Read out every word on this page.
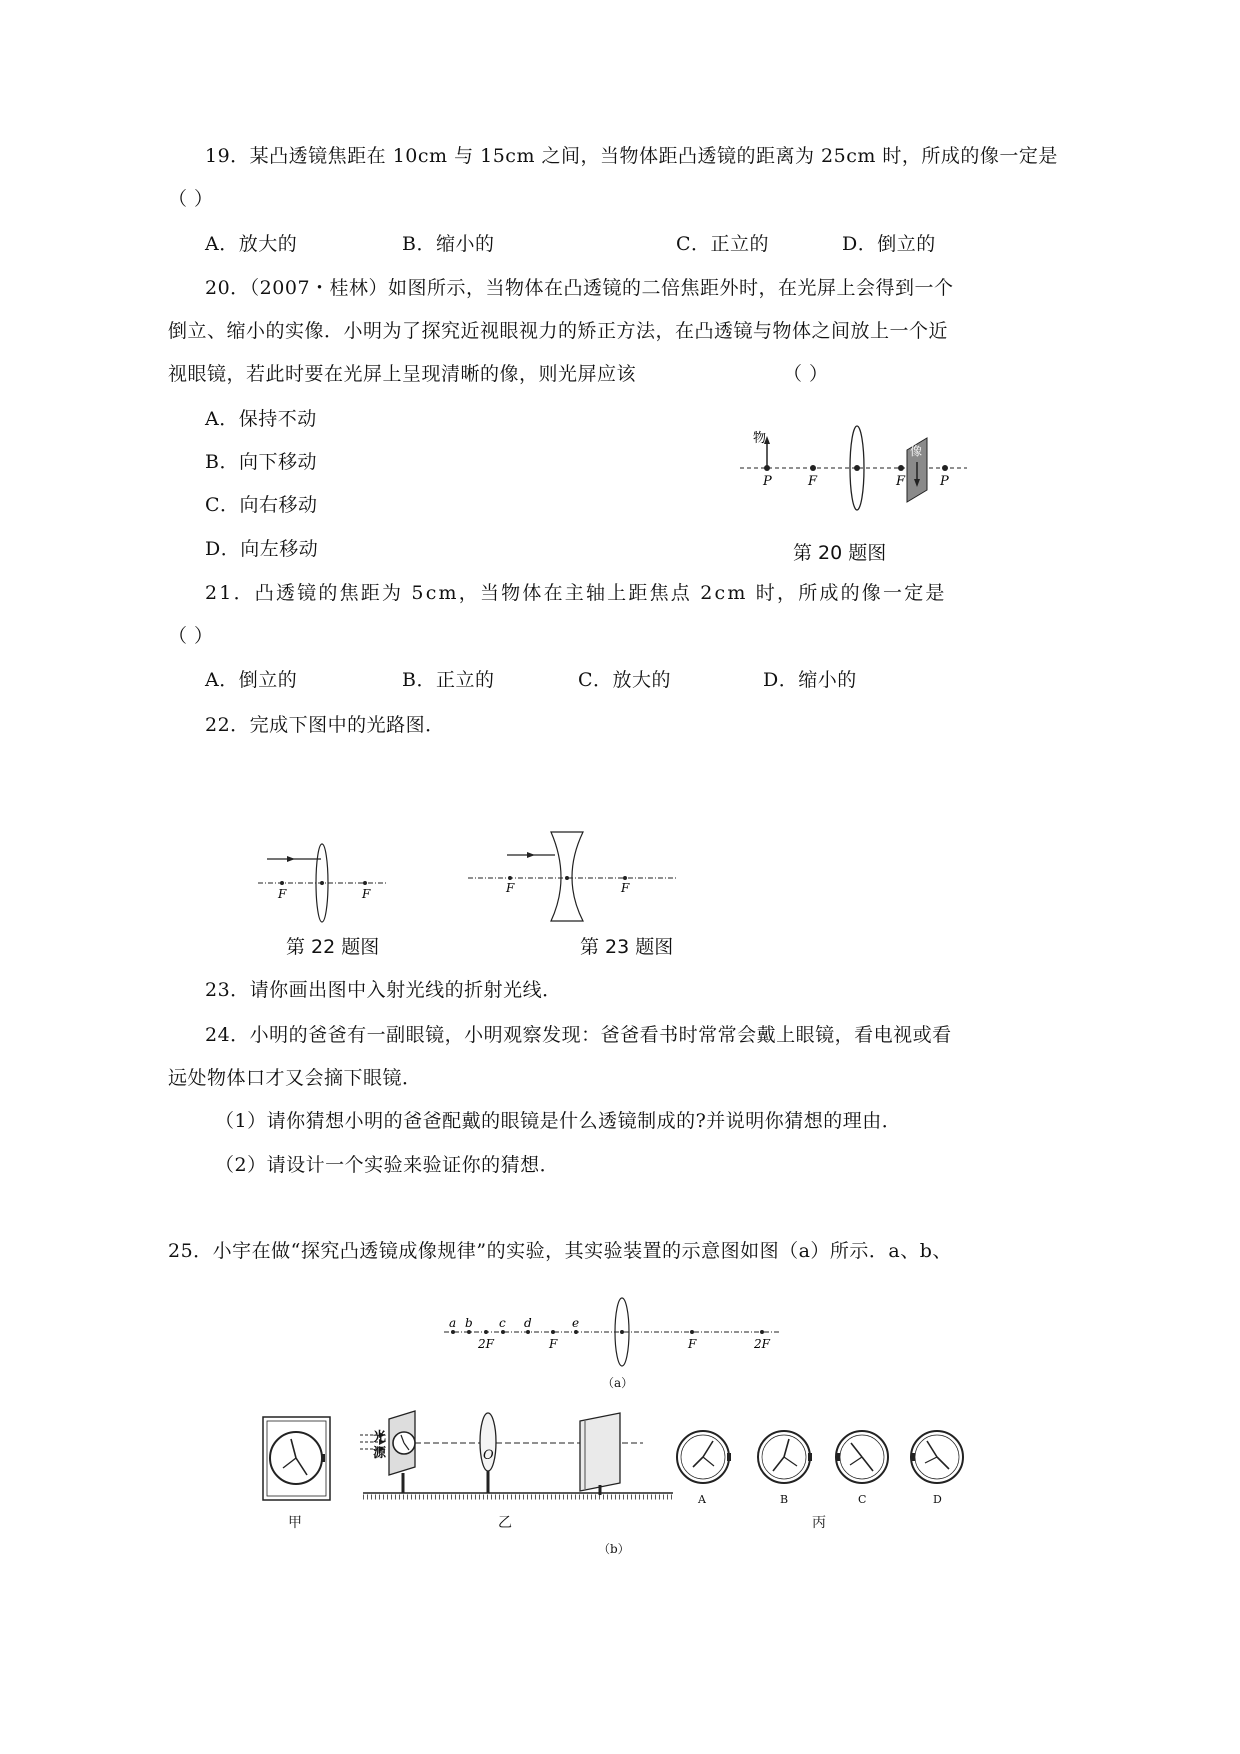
19．某凸透镜焦距在 10cm 与 15cm 之间，当物体距凸透镜的距离为 25cm 时，所成的像一定是
（ ）
A．放大的	B．缩小的	C．正立的	D．倒立的
20．（2007・桂林）如图所示，当物体在凸透镜的二倍焦距外时，在光屏上会得到一个
倒立、缩小的实像．小明为了探究近视眼视力的矫正方法，在凸透镜与物体之间放上一个近
视眼镜，若此时要在光屏上呈现清晰的像，则光屏应该	（ ）
A．保持不动
B．向下移动
C．向右移动
D．向左移动
物
P	F	F
像
P
第 20 题图
21．凸透镜的焦距为 5cm，当物体在主轴上距焦点 2cm 时，所成的像一定是
（ ）
A．倒立的	B．正立的	C．放大的	D．缩小的
22．完成下图中的光路图．
F	F
第 22 题图
F	F
第 23 题图
23．请你画出图中入射光线的折射光线．
24．小明的爸爸有一副眼镜，小明观察发现：爸爸看书时常常会戴上眼镜，看电视或看
远处物体口才又会摘下眼镜．
（1）请你猜想小明的爸爸配戴的眼镜是什么透镜制成的?并说明你猜想的理由．
（2）请设计一个实验来验证你的猜想．
25．小宇在做“探究凸透镜成像规律”的实验，其实验装置的示意图如图（a）所示．a、b、
a b
2F
c d
F
e
F	2F
（a）
光
源	O
甲	乙
A	B	C	D
丙
（b）
